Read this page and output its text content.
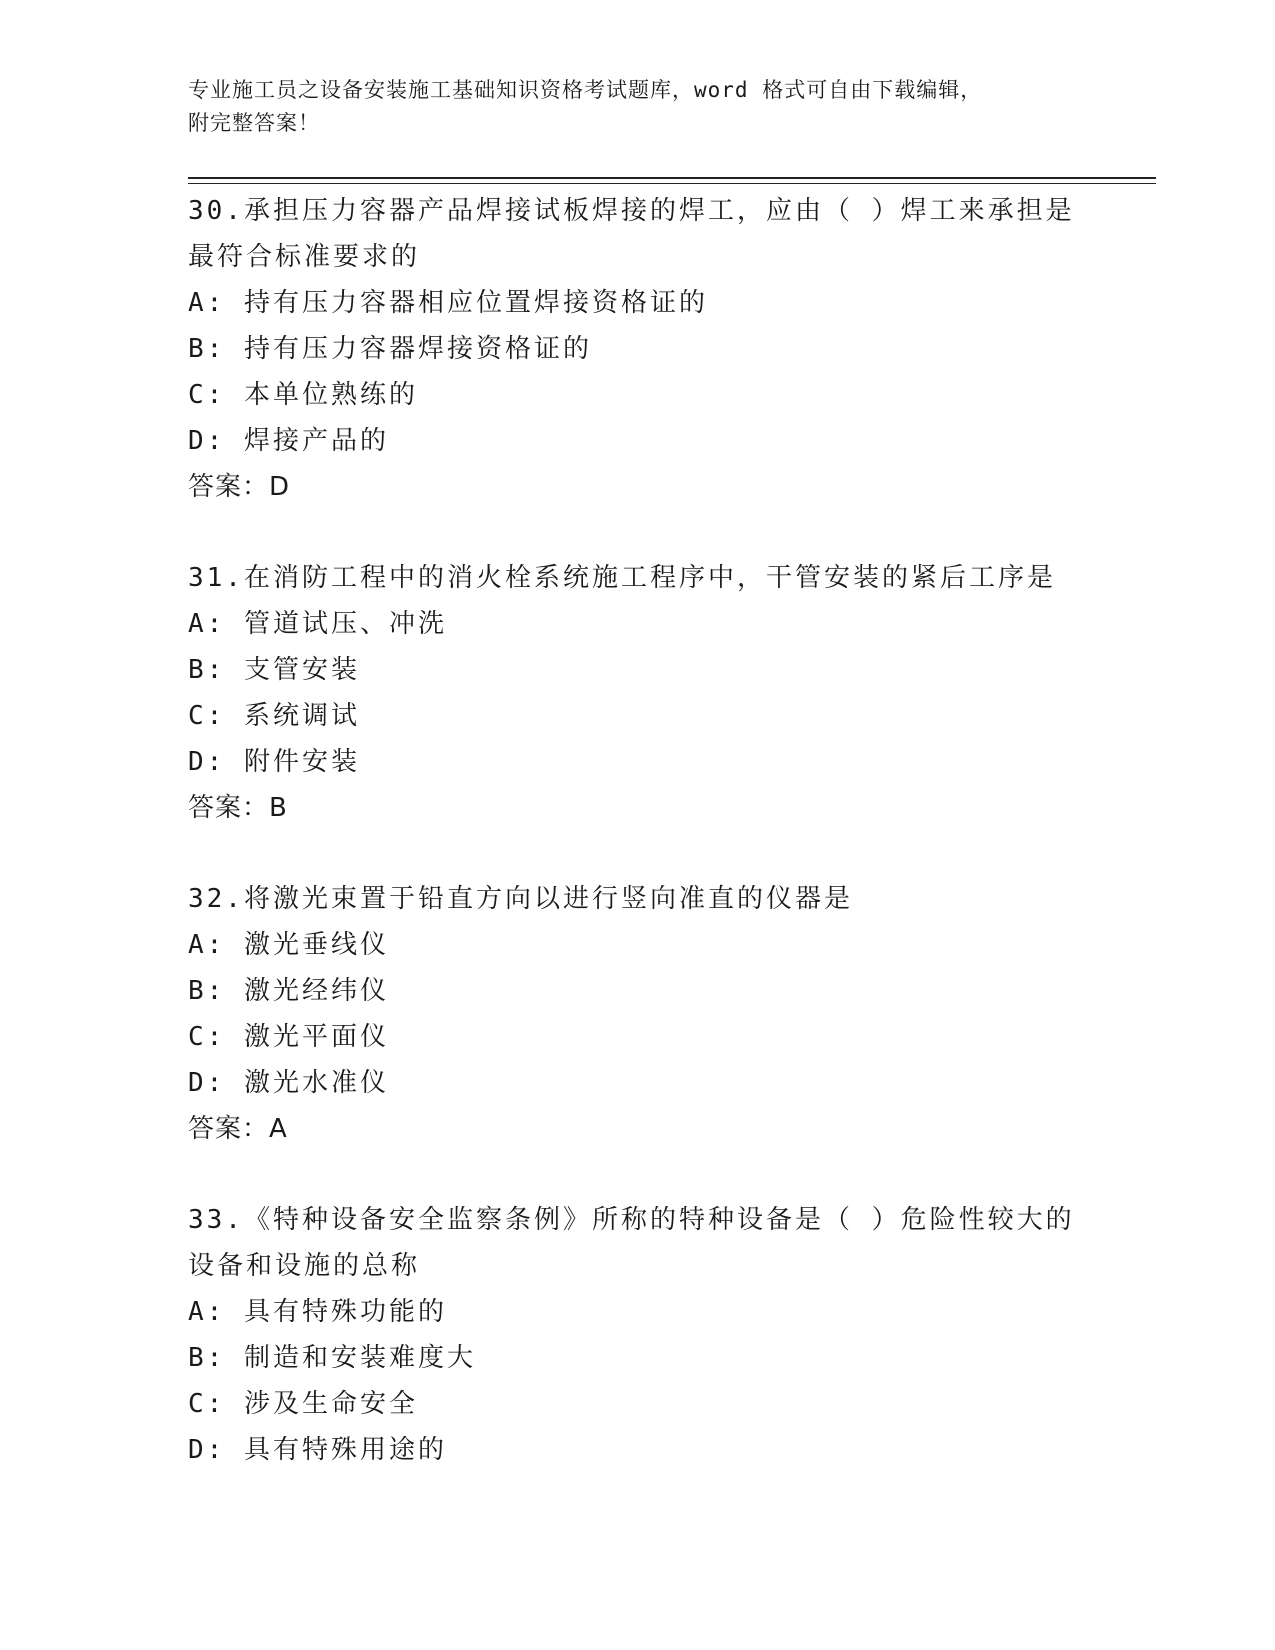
专业施工员之设备安装施工基础知识资格考试题库，word 格式可自由下载编辑，
附完整答案！
30.承担压力容器产品焊接试板焊接的焊工，应由（ ）焊工来承担是
最符合标准要求的
A: 持有压力容器相应位置焊接资格证的
B: 持有压力容器焊接资格证的
C: 本单位熟练的
D: 焊接产品的
答案：D
31.在消防工程中的消火栓系统施工程序中，干管安装的紧后工序是
A: 管道试压、冲洗
B: 支管安装
C: 系统调试
D: 附件安装
答案：B
32.将激光束置于铅直方向以进行竖向准直的仪器是
A: 激光垂线仪
B: 激光经纬仪
C: 激光平面仪
D: 激光水准仪
答案：A
33.《特种设备安全监察条例》所称的特种设备是（ ）危险性较大的
设备和设施的总称
A: 具有特殊功能的
B: 制造和安装难度大
C: 涉及生命安全
D: 具有特殊用途的
